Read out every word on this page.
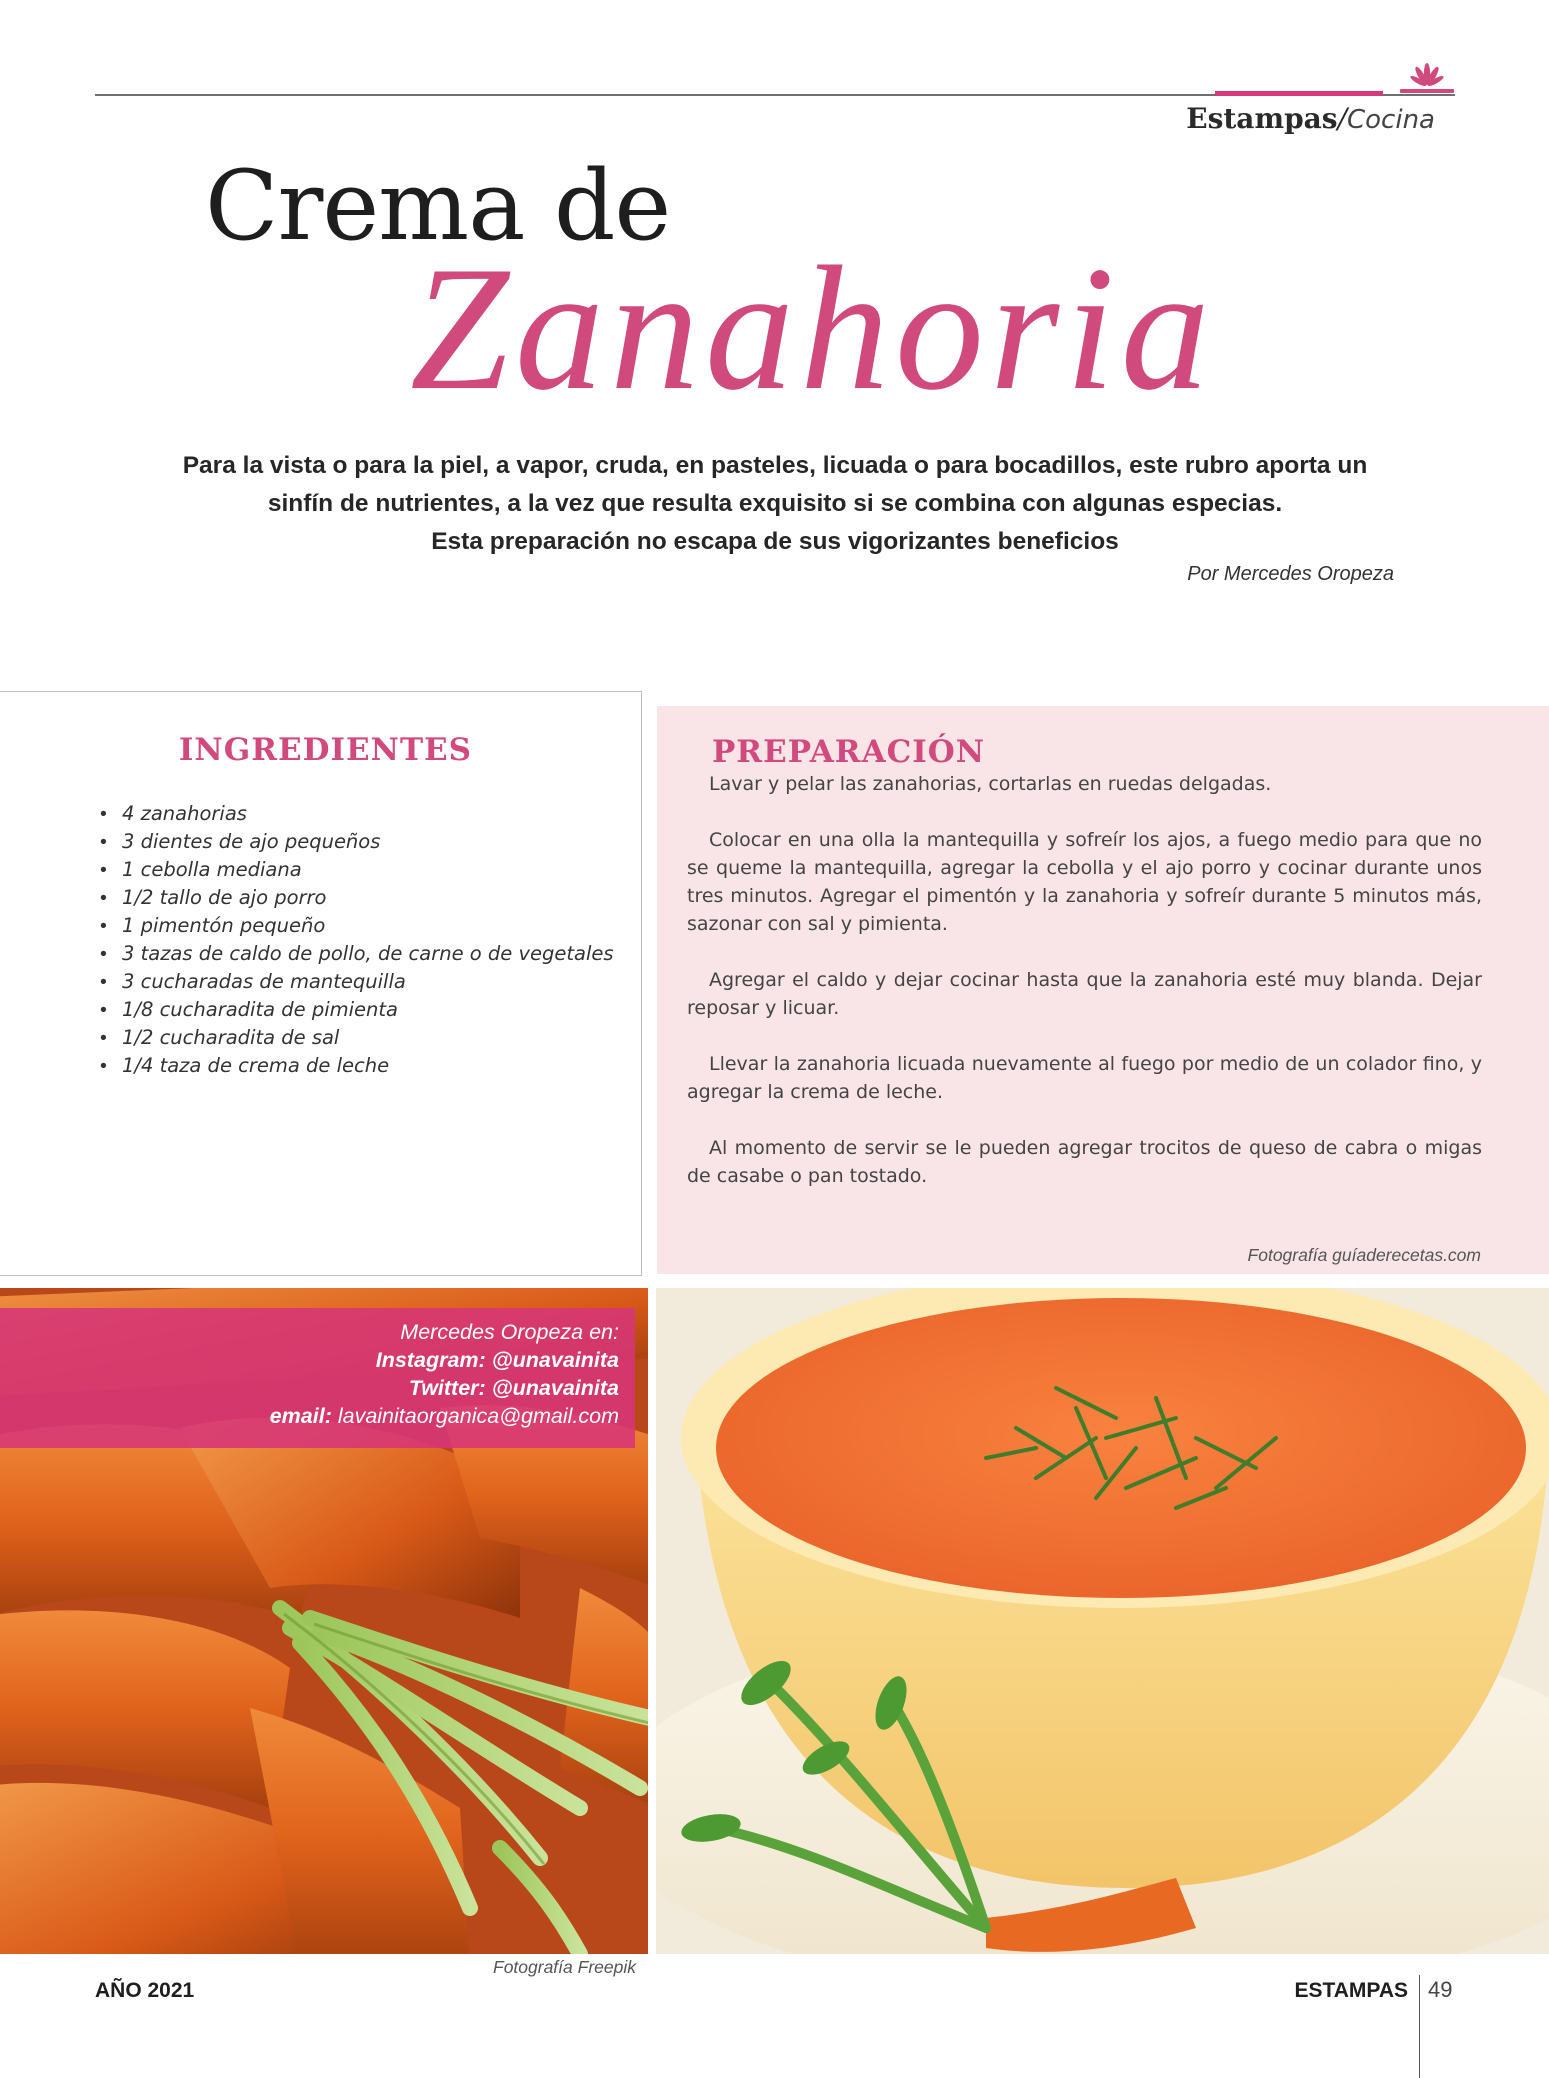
Estampas/Cocina
Crema de
Zanahoria
Para la vista o para la piel, a vapor, cruda, en pasteles, licuada o para bocadillos, este rubro aporta un
sinfín de nutrientes, a la vez que resulta exquisito si se combina con algunas especias.
Esta preparación no escapa de sus vigorizantes beneficios
Por Mercedes Oropeza
INGREDIENTES
• 4 zanahorias
• 3 dientes de ajo pequeños
• 1 cebolla mediana
• 1/2 tallo de ajo porro
• 1 pimentón pequeño
• 3 tazas de caldo de pollo, de carne o de vegetales
• 3 cucharadas de mantequilla
• 1/8 cucharadita de pimienta
• 1/2 cucharadita de sal
• 1/4 taza de crema de leche
PREPARACIÓN

Lavar y pelar las zanahorias, cortarlas en ruedas delgadas.

Colocar en una olla la mantequilla y sofreír los ajos, a fuego medio para que no se queme la mantequilla, agregar la cebolla y el ajo porro y cocinar durante unos tres minutos. Agregar el pimentón y la zanahoria y sofreír durante 5 minutos más, sazonar con sal y pimienta.

Agregar el caldo y dejar cocinar hasta que la zanahoria esté muy blanda. Dejar reposar y licuar.

Llevar la zanahoria licuada nuevamente al fuego por medio de un colador fino, y agregar la crema de leche.

Al momento de servir se le pueden agregar trocitos de queso de cabra o migas de casabe o pan tostado.

Fotografía guíaderecetas.com
Mercedes Oropeza en:
Instagram: @unavainita
Twitter: @unavainita
email: lavainitaorganica@gmail.com
Fotografía Freepik
AÑO 2021	ESTAMPAS 49
